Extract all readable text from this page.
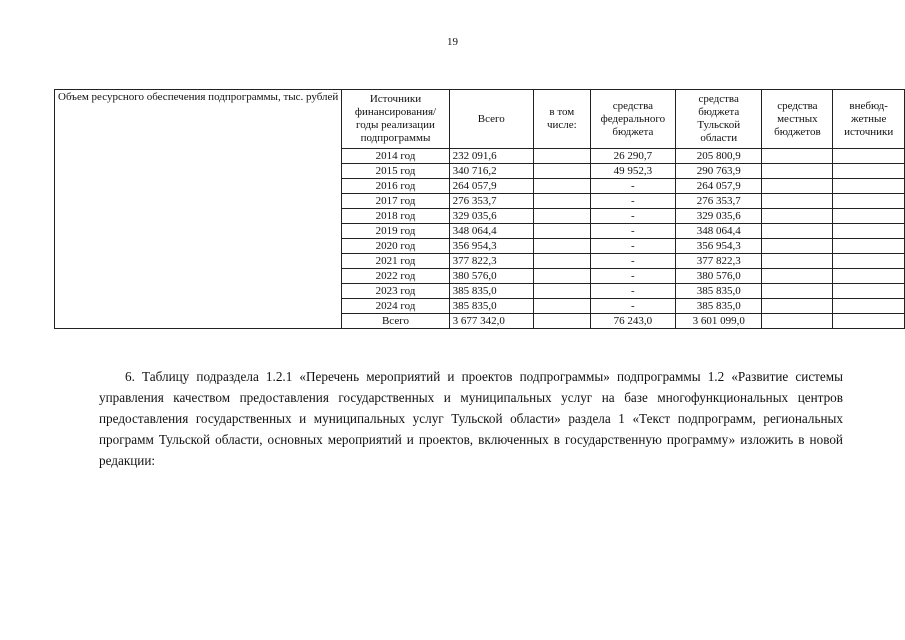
19
Объем ресурсного обеспечения подпрограммы, тыс. рублей	Источники финансирования/ годы реализации подпрограммы	Всего	в том числе:	средства федерального бюджета	средства бюджета Тульской области	средства местных бюджетов	внебюд-жетные источники
	2014 год	232 091,6		26 290,7	205 800,9		
	2015 год	340 716,2		49 952,3	290 763,9		
	2016 год	264 057,9		-	264 057,9		
	2017 год	276 353,7		-	276 353,7		
	2018 год	329 035,6		-	329 035,6		
	2019 год	348 064,4		-	348 064,4		
	2020 год	356 954,3		-	356 954,3		
	2021 год	377 822,3		-	377 822,3		
	2022 год	380 576,0		-	380 576,0		
	2023 год	385 835,0		-	385 835,0		
	2024 год	385 835,0		-	385 835,0		
	Всего	3 677 342,0		76 243,0	3 601 099,0		

6. Таблицу подраздела 1.2.1 «Перечень мероприятий и проектов подпрограммы» подпрограммы 1.2 «Развитие системы управления качеством предоставления государственных и муниципальных услуг на базе многофункциональных центров предоставления государственных и муниципальных услуг Тульской области» раздела 1 «Текст подпрограмм, региональных программ Тульской области, основных мероприятий и проектов, включенных в государственную программу» изложить в новой редакции:
